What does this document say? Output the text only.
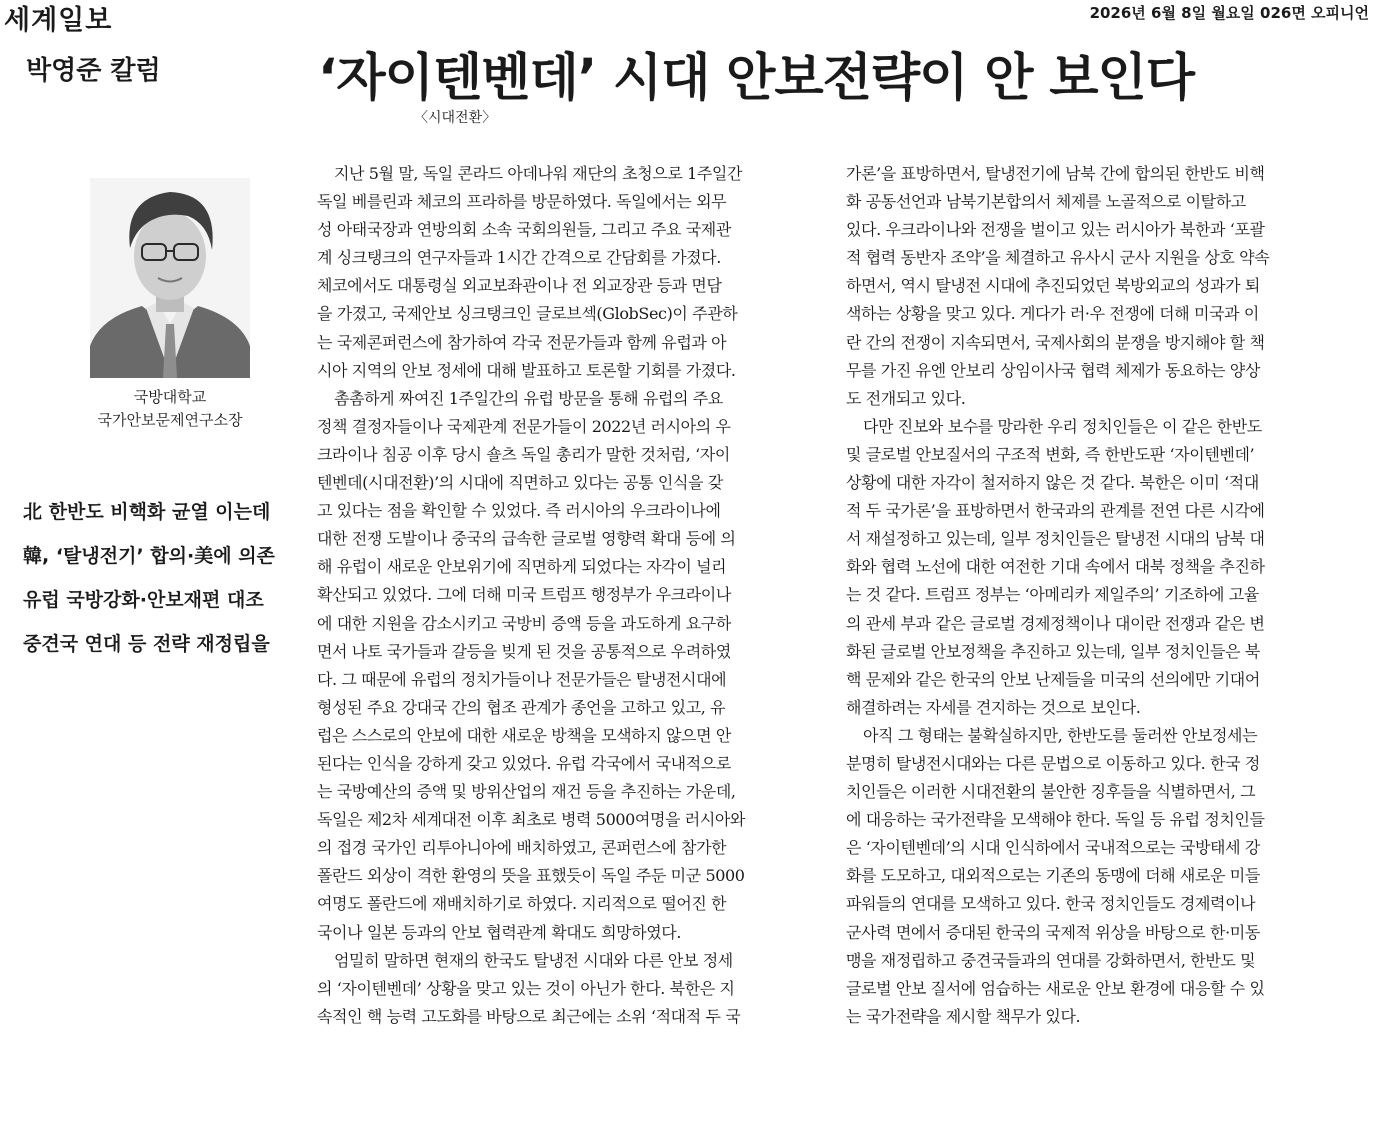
세계일보	2026년 6월 8일 월요일 026면 오피니언
박영준 칼럼	‘자이텐벤데’ 시대 안보전략이 안 보인다
〈시대전환〉
국방대학교
국가안보문제연구소장
北 한반도 비핵화 균열 이는데
韓, ‘탈냉전기’ 합의·美에 의존
유럽 국방강화·안보재편 대조
중견국 연대 등 전략 재정립을
지난 5월 말, 독일 콘라드 아데나워 재단의 초청으로 1주일간
독일 베를린과 체코의 프라하를 방문하였다. 독일에서는 외무
성 아태국장과 연방의회 소속 국회의원들, 그리고 주요 국제관
계 싱크탱크의 연구자들과 1시간 간격으로 간담회를 가졌다.
체코에서도 대통령실 외교보좌관이나 전 외교장관 등과 면담
을 가졌고, 국제안보 싱크탱크인 글로브섹(GlobSec)이 주관하
는 국제콘퍼런스에 참가하여 각국 전문가들과 함께 유럽과 아
시아 지역의 안보 정세에 대해 발표하고 토론할 기회를 가졌다.
촘촘하게 짜여진 1주일간의 유럽 방문을 통해 유럽의 주요
정책 결정자들이나 국제관계 전문가들이 2022년 러시아의 우
크라이나 침공 이후 당시 숄츠 독일 총리가 말한 것처럼, ‘자이
텐벤데(시대전환)’의 시대에 직면하고 있다는 공통 인식을 갖
고 있다는 점을 확인할 수 있었다. 즉 러시아의 우크라이나에
대한 전쟁 도발이나 중국의 급속한 글로벌 영향력 확대 등에 의
해 유럽이 새로운 안보위기에 직면하게 되었다는 자각이 널리
확산되고 있었다. 그에 더해 미국 트럼프 행정부가 우크라이나
에 대한 지원을 감소시키고 국방비 증액 등을 과도하게 요구하
면서 나토 국가들과 갈등을 빚게 된 것을 공통적으로 우려하였
다. 그 때문에 유럽의 정치가들이나 전문가들은 탈냉전시대에
형성된 주요 강대국 간의 협조 관계가 종언을 고하고 있고, 유
럽은 스스로의 안보에 대한 새로운 방책을 모색하지 않으면 안
된다는 인식을 강하게 갖고 있었다. 유럽 각국에서 국내적으로
는 국방예산의 증액 및 방위산업의 재건 등을 추진하는 가운데,
독일은 제2차 세계대전 이후 최초로 병력 5000여명을 러시아와
의 접경 국가인 리투아니아에 배치하였고, 콘퍼런스에 참가한
폴란드 외상이 격한 환영의 뜻을 표했듯이 독일 주둔 미군 5000
여명도 폴란드에 재배치하기로 하였다. 지리적으로 떨어진 한
국이나 일본 등과의 안보 협력관계 확대도 희망하였다.
엄밀히 말하면 현재의 한국도 탈냉전 시대와 다른 안보 정세
의 ‘자이텐벤데’ 상황을 맞고 있는 것이 아닌가 한다. 북한은 지
속적인 핵 능력 고도화를 바탕으로 최근에는 소위 ‘적대적 두 국
가론’을 표방하면서, 탈냉전기에 남북 간에 합의된 한반도 비핵
화 공동선언과 남북기본합의서 체제를 노골적으로 이탈하고
있다. 우크라이나와 전쟁을 벌이고 있는 러시아가 북한과 ‘포괄
적 협력 동반자 조약’을 체결하고 유사시 군사 지원을 상호 약속
하면서, 역시 탈냉전 시대에 추진되었던 북방외교의 성과가 퇴
색하는 상황을 맞고 있다. 게다가 러·우 전쟁에 더해 미국과 이
란 간의 전쟁이 지속되면서, 국제사회의 분쟁을 방지해야 할 책
무를 가진 유엔 안보리 상임이사국 협력 체제가 동요하는 양상
도 전개되고 있다.
다만 진보와 보수를 망라한 우리 정치인들은 이 같은 한반도
및 글로벌 안보질서의 구조적 변화, 즉 한반도판 ‘자이텐벤데’
상황에 대한 자각이 철저하지 않은 것 같다. 북한은 이미 ‘적대
적 두 국가론’을 표방하면서 한국과의 관계를 전연 다른 시각에
서 재설정하고 있는데, 일부 정치인들은 탈냉전 시대의 남북 대
화와 협력 노선에 대한 여전한 기대 속에서 대북 정책을 추진하
는 것 같다. 트럼프 정부는 ‘아메리카 제일주의’ 기조하에 고율
의 관세 부과 같은 글로벌 경제정책이나 대이란 전쟁과 같은 변
화된 글로벌 안보정책을 추진하고 있는데, 일부 정치인들은 북
핵 문제와 같은 한국의 안보 난제들을 미국의 선의에만 기대어
해결하려는 자세를 견지하는 것으로 보인다.
아직 그 형태는 불확실하지만, 한반도를 둘러싼 안보정세는
분명히 탈냉전시대와는 다른 문법으로 이동하고 있다. 한국 정
치인들은 이러한 시대전환의 불안한 징후들을 식별하면서, 그
에 대응하는 국가전략을 모색해야 한다. 독일 등 유럽 정치인들
은 ‘자이텐벤데’의 시대 인식하에서 국내적으로는 국방태세 강
화를 도모하고, 대외적으로는 기존의 동맹에 더해 새로운 미들
파워들의 연대를 모색하고 있다. 한국 정치인들도 경제력이나
군사력 면에서 증대된 한국의 국제적 위상을 바탕으로 한·미동
맹을 재정립하고 중견국들과의 연대를 강화하면서, 한반도 및
글로벌 안보 질서에 엄습하는 새로운 안보 환경에 대응할 수 있
는 국가전략을 제시할 책무가 있다.
